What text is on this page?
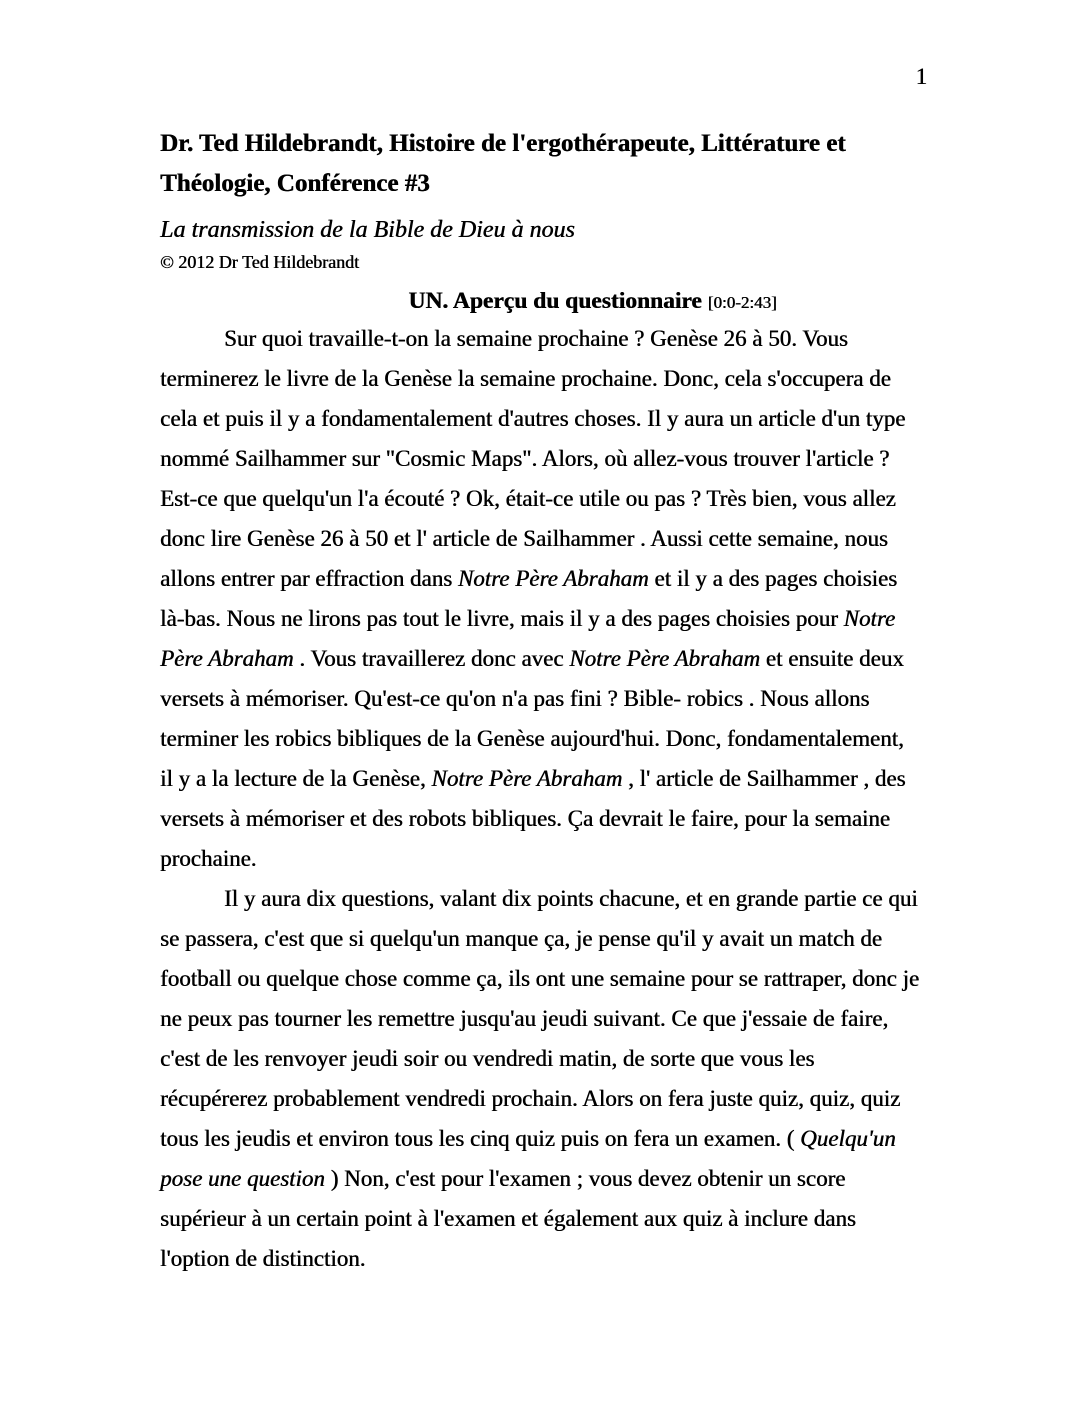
1
Dr. Ted Hildebrandt, Histoire de l'ergothérapeute, Littérature et Théologie, Conférence #3
La transmission de la Bible de Dieu à nous
© 2012 Dr Ted Hildebrandt
UN. Aperçu du questionnaire [0:0-2:43]

Sur quoi travaille-t-on la semaine prochaine ? Genèse 26 à 50. Vous terminerez le livre de la Genèse la semaine prochaine. Donc, cela s'occupera de cela et puis il y a fondamentalement d'autres choses. Il y aura un article d'un type nommé Sailhammer sur "Cosmic Maps". Alors, où allez-vous trouver l'article ? Est-ce que quelqu'un l'a écouté ? Ok, était-ce utile ou pas ? Très bien, vous allez donc lire Genèse 26 à 50 et l' article de Sailhammer . Aussi cette semaine, nous allons entrer par effraction dans Notre Père Abraham et il y a des pages choisies là-bas. Nous ne lirons pas tout le livre, mais il y a des pages choisies pour Notre Père Abraham . Vous travaillerez donc avec Notre Père Abraham et ensuite deux versets à mémoriser. Qu'est-ce qu'on n'a pas fini ? Bible- robics . Nous allons terminer les robics bibliques de la Genèse aujourd'hui. Donc, fondamentalement, il y a la lecture de la Genèse, Notre Père Abraham , l' article de Sailhammer , des versets à mémoriser et des robots bibliques. Ça devrait le faire, pour la semaine prochaine.

Il y aura dix questions, valant dix points chacune, et en grande partie ce qui se passera, c'est que si quelqu'un manque ça, je pense qu'il y avait un match de football ou quelque chose comme ça, ils ont une semaine pour se rattraper, donc je ne peux pas tourner les remettre jusqu'au jeudi suivant. Ce que j'essaie de faire, c'est de les renvoyer jeudi soir ou vendredi matin, de sorte que vous les récupérerez probablement vendredi prochain. Alors on fera juste quiz, quiz, quiz tous les jeudis et environ tous les cinq quiz puis on fera un examen. ( Quelqu'un pose une question ) Non, c'est pour l'examen ; vous devez obtenir un score supérieur à un certain point à l'examen et également aux quiz à inclure dans l'option de distinction.
